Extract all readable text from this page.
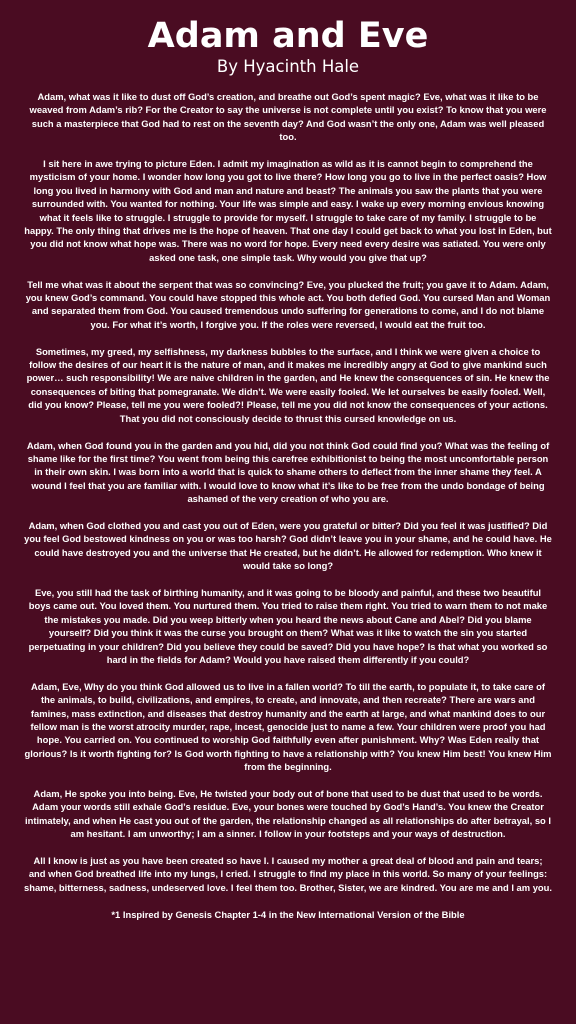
Adam and Eve
By Hyacinth Hale

Adam, what was it like to dust off God’s creation, and breathe out God’s spent magic? Eve, what was it like to be weaved from Adam’s rib? For the Creator to say the universe is not complete until you exist? To know that you were such a masterpiece that God had to rest on the seventh day? And God wasn’t the only one, Adam was well pleased too.

I sit here in awe trying to picture Eden. I admit my imagination as wild as it is cannot begin to comprehend the mysticism of your home. I wonder how long you got to live there? How long you go to live in the perfect oasis? How long you lived in harmony with God and man and nature and beast? The animals you saw the plants that you were surrounded with. You wanted for nothing. Your life was simple and easy. I wake up every morning envious knowing what it feels like to struggle. I struggle to provide for myself. I struggle to take care of my family. I struggle to be happy. The only thing that drives me is the hope of heaven. That one day I could get back to what you lost in Eden, but you did not know what hope was. There was no word for hope. Every need every desire was satiated. You were only asked one task, one simple task. Why would you give that up?

Tell me what was it about the serpent that was so convincing? Eve, you plucked the fruit; you gave it to Adam. Adam, you knew God’s command. You could have stopped this whole act. You both defied God. You cursed Man and Woman and separated them from God. You caused tremendous undo suffering for generations to come, and I do not blame you. For what it’s worth, I forgive you. If the roles were reversed, I would eat the fruit too.

Sometimes, my greed, my selfishness, my darkness bubbles to the surface, and I think we were given a choice to follow the desires of our heart it is the nature of man, and it makes me incredibly angry at God to give mankind such power… such responsibility! We are naive children in the garden, and He knew the consequences of sin. He knew the consequences of biting that pomegranate. We didn’t. We were easily fooled. We let ourselves be easily fooled. Well, did you know? Please, tell me you were fooled?! Please, tell me you did not know the consequences of your actions. That you did not consciously decide to thrust this cursed knowledge on us.

Adam, when God found you in the garden and you hid, did you not think God could find you? What was the feeling of shame like for the first time? You went from being this carefree exhibitionist to being the most uncomfortable person in their own skin. I was born into a world that is quick to shame others to deflect from the inner shame they feel. A wound I feel that you are familiar with. I would love to know what it’s like to be free from the undo bondage of being ashamed of the very creation of who you are.

Adam, when God clothed you and cast you out of Eden, were you grateful or bitter? Did you feel it was justified? Did you feel God bestowed kindness on you or was too harsh? God didn’t leave you in your shame, and he could have. He could have destroyed you and the universe that He created, but he didn’t. He allowed for redemption. Who knew it would take so long?

Eve, you still had the task of birthing humanity, and it was going to be bloody and painful, and these two beautiful boys came out. You loved them. You nurtured them. You tried to raise them right. You tried to warn them to not make the mistakes you made. Did you weep bitterly when you heard the news about Cane and Abel? Did you blame yourself? Did you think it was the curse you brought on them? What was it like to watch the sin you started perpetuating in your children? Did you believe they could be saved? Did you have hope? Is that what you worked so hard in the fields for Adam? Would you have raised them differently if you could?

Adam, Eve, Why do you think God allowed us to live in a fallen world? To till the earth, to populate it, to take care of the animals, to build, civilizations, and empires, to create, and innovate, and then recreate? There are wars and famines, mass extinction, and diseases that destroy humanity and the earth at large, and what mankind does to our fellow man is the worst atrocity murder, rape, incest, genocide just to name a few. Your children were proof you had hope. You carried on. You continued to worship God faithfully even after punishment. Why? Was Eden really that glorious? Is it worth fighting for? Is God worth fighting to have a relationship with? You knew Him best! You knew Him from the beginning.

Adam, He spoke you into being. Eve, He twisted your body out of bone that used to be dust that used to be words. Adam your words still exhale God’s residue. Eve, your bones were touched by God’s Hand’s. You knew the Creator intimately, and when He cast you out of the garden, the relationship changed as all relationships do after betrayal, so I am hesitant. I am unworthy; I am a sinner. I follow in your footsteps and your ways of destruction.

All I know is just as you have been created so have I. I caused my mother a great deal of blood and pain and tears; and when God breathed life into my lungs, I cried. I struggle to find my place in this world. So many of your feelings: shame, bitterness, sadness, undeserved love. I feel them too. Brother, Sister, we are kindred. You are me and I am you.

*1 Inspired by Genesis Chapter 1-4 in the New International Version of the Bible
